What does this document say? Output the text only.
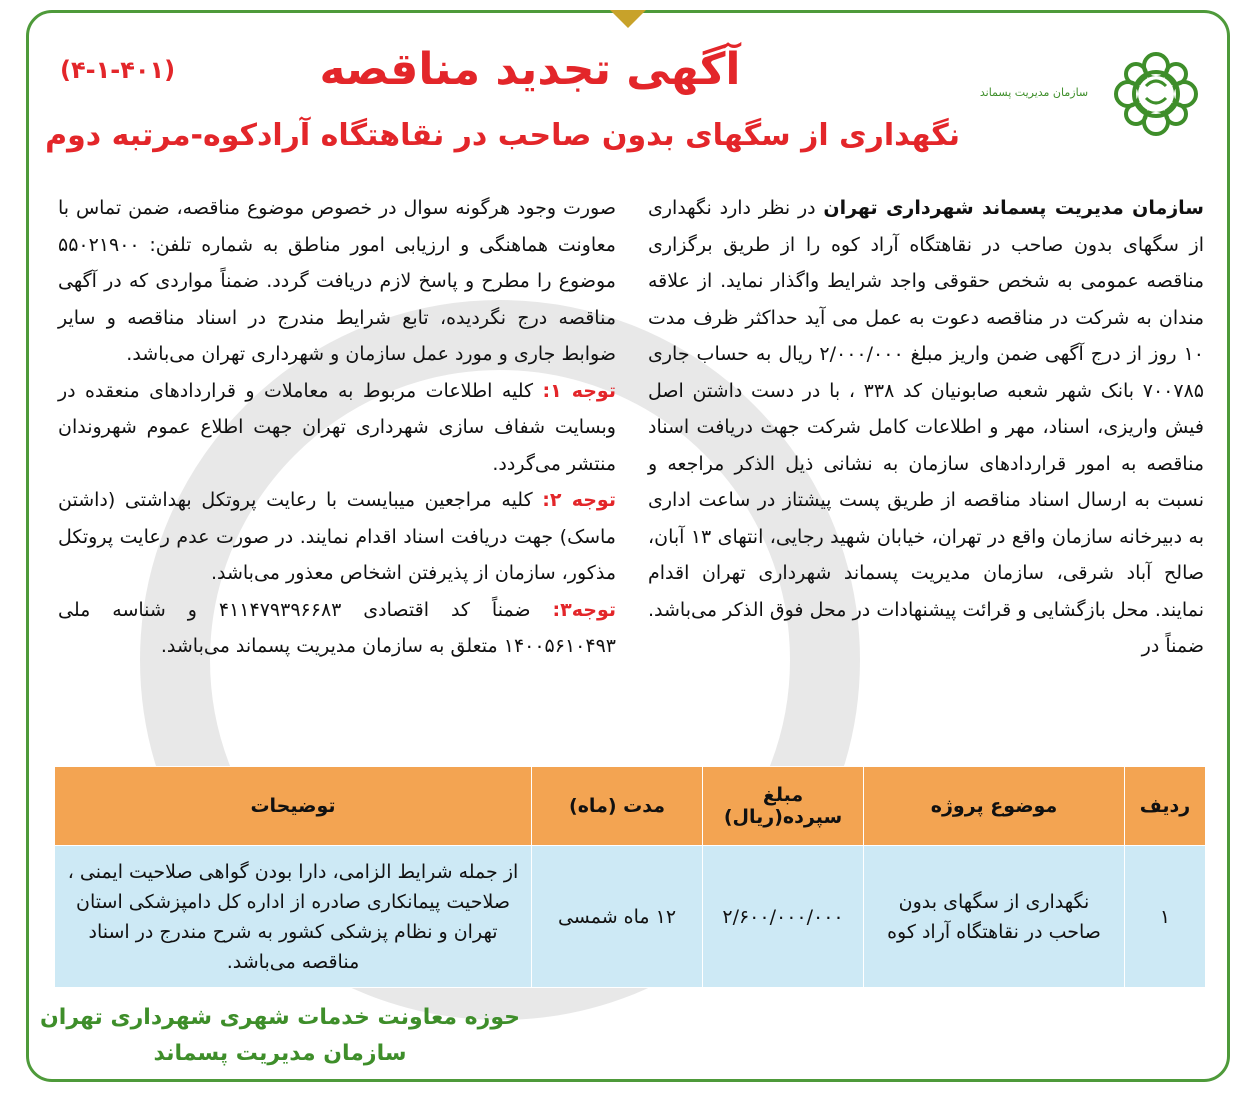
سازمان مدیریت پسماند
(۴-۱-۴۰۱)	آگهی تجدید مناقصه
نگهداری از سگهای بدون صاحب در نقاهتگاه آرادکوه-مرتبه دوم
سازمان مدیریت پسماند شهرداری تهران در نظر دارد نگهداری از سگهای بدون صاحب در نقاهتگاه آراد کوه را از طریق برگزاری مناقصه عمومی به شخص حقوقی واجد شرایط واگذار نماید. از علاقه مندان به شرکت در مناقصه دعوت به عمل می آید حداکثر ظرف مدت ۱۰ روز از درج آگهی ضمن واریز مبلغ ۲/۰۰۰/۰۰۰ ریال به حساب جاری ۷۰۰۷۸۵ بانک شهر شعبه صابونیان کد ۳۳۸ ، با در دست داشتن اصل فیش واریزی، اسناد، مهر و اطلاعات کامل شرکت جهت دریافت اسناد مناقصه به امور قراردادهای سازمان به نشانی ذیل الذکر مراجعه و نسبت به ارسال اسناد مناقصه از طریق پست پیشتاز در ساعت اداری به دبیرخانه سازمان واقع در تهران، خیابان شهید رجایی، انتهای ۱۳ آبان، صالح آباد شرقی، سازمان مدیریت پسماند شهرداری تهران اقدام نمایند. محل بازگشایی و قرائت پیشنهادات در محل فوق الذکر می‌باشد. ضمناً در
صورت وجود هرگونه سوال در خصوص موضوع مناقصه، ضمن تماس با معاونت هماهنگی و ارزیابی امور مناطق به شماره تلفن: ۵۵۰۲۱۹۰۰ موضوع را مطرح و پاسخ لازم دریافت گردد. ضمناً مواردی که در آگهی مناقصه درج نگردیده، تابع شرایط مندرج در اسناد مناقصه و سایر ضوابط جاری و مورد عمل سازمان و شهرداری تهران می‌باشد.
توجه ۱: کلیه اطلاعات مربوط به معاملات و قراردادهای منعقده در وبسایت شفاف سازی شهرداری تهران جهت اطلاع عموم شهروندان منتشر می‌گردد.
توجه ۲: کلیه مراجعین میبایست با رعایت پروتکل بهداشتی (داشتن ماسک) جهت دریافت اسناد اقدام نمایند. در صورت عدم رعایت پروتکل مذکور، سازمان از پذیرفتن اشخاص معذور می‌باشد.
توجه۳: ضمناً کد اقتصادی ۴۱۱۴۷۹۳۹۶۶۸۳ و شناسه ملی ۱۴۰۰۵۶۱۰۴۹۳ متعلق به سازمان مدیریت پسماند می‌باشد.
ردیف	موضوع پروژه	مبلغ سپرده(ریال)	مدت (ماه)	توضیحات
۱	نگهداری از سگهای بدون صاحب در نقاهتگاه آراد کوه	۲/۶۰۰/۰۰۰/۰۰۰	۱۲ ماه شمسی	از جمله شرایط الزامی، دارا بودن گواهی صلاحیت ایمنی ، صلاحیت پیمانکاری صادره از اداره کل دامپزشکی استان تهران و نظام پزشکی کشور به شرح مندرج در اسناد مناقصه می‌باشد.
حوزه معاونت خدمات شهری شهرداری تهران
سازمان مدیریت پسماند
